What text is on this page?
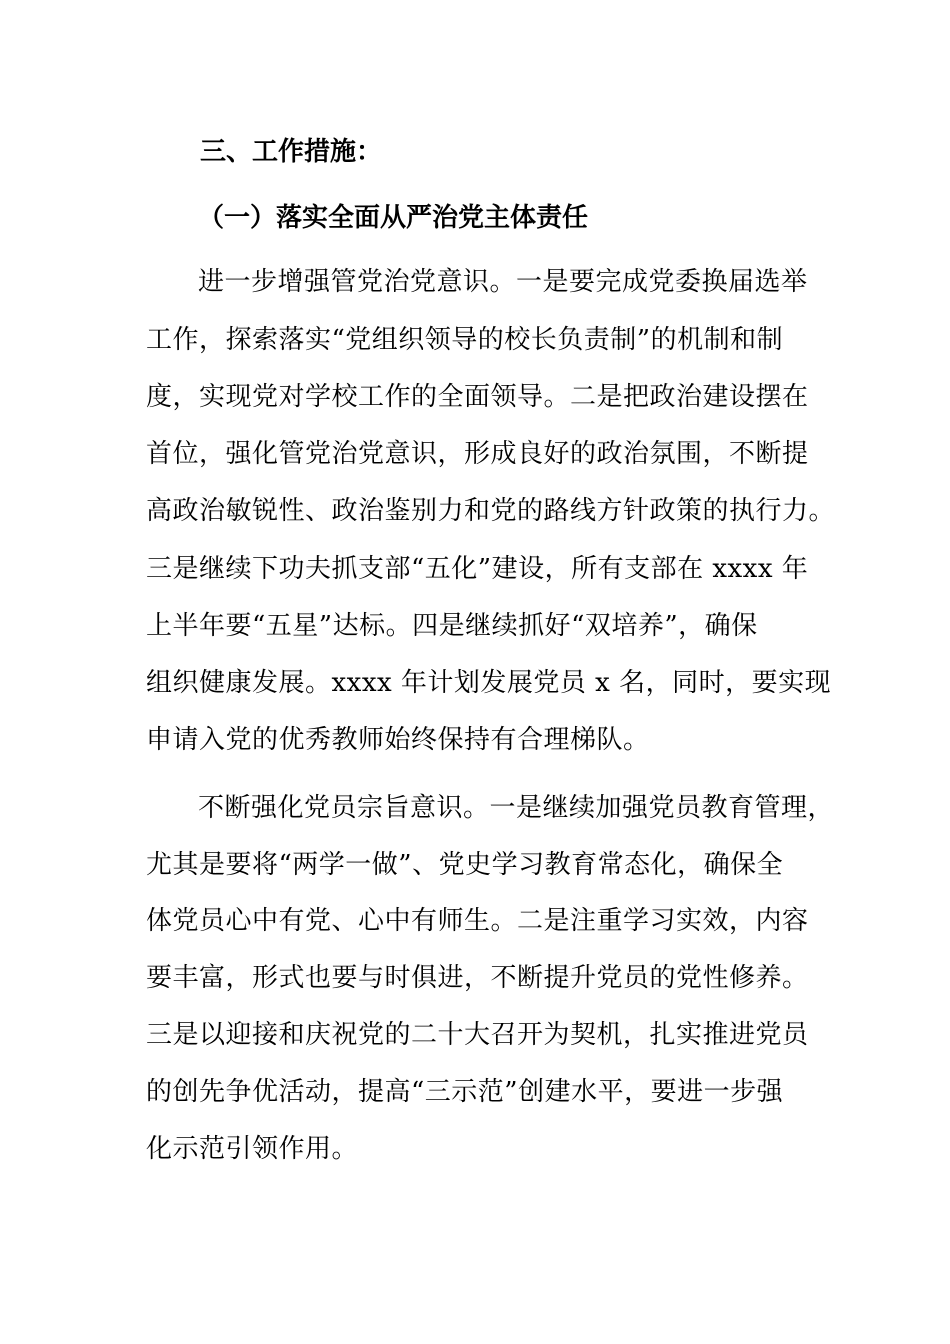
三、工作措施：
（一）落实全面从严治党主体责任
进一步增强管党治党意识。一是要完成党委换届选举
工作，探索落实“党组织领导的校长负责制”的机制和制
度，实现党对学校工作的全面领导。二是把政治建设摆在
首位，强化管党治党意识，形成良好的政治氛围，不断提
高政治敏锐性、政治鉴别力和党的路线方针政策的执行力。
三是继续下功夫抓支部“五化”建设，所有支部在 xxxx 年
上半年要“五星”达标。四是继续抓好“双培养”，确保
组织健康发展。xxxx 年计划发展党员 x 名，同时，要实现
申请入党的优秀教师始终保持有合理梯队。
不断强化党员宗旨意识。一是继续加强党员教育管理，
尤其是要将“两学一做”、党史学习教育常态化，确保全
体党员心中有党、心中有师生。二是注重学习实效，内容
要丰富，形式也要与时俱进，不断提升党员的党性修养。
三是以迎接和庆祝党的二十大召开为契机，扎实推进党员
的创先争优活动，提高“三示范”创建水平，要进一步强
化示范引领作用。
